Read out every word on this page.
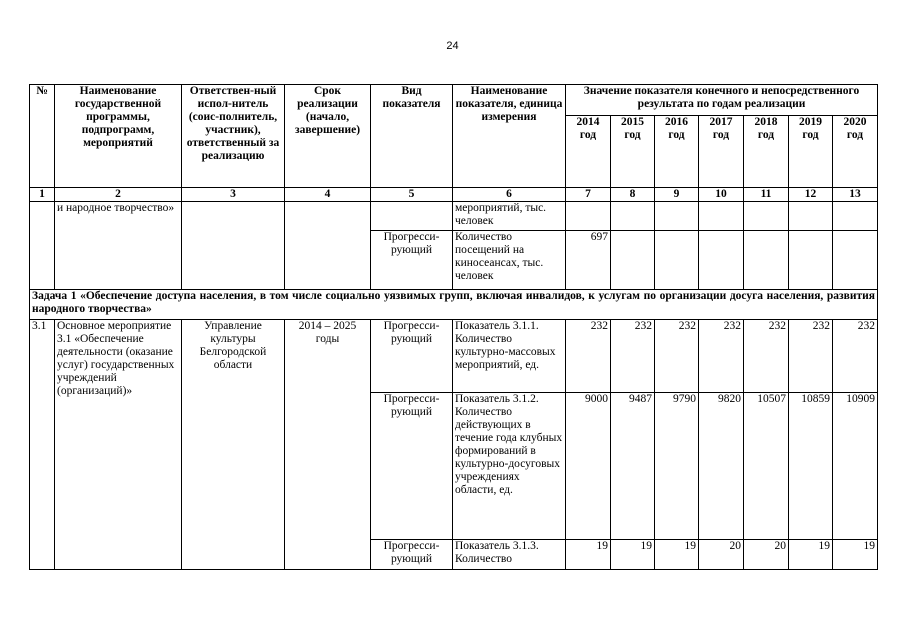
24
№	Наименование государственной программы, подпрограмм, мероприятий	Ответствен-ный испол-нитель (соис-полнитель, участник), ответственный за реализацию	Срок реализации (начало, завершение)	Вид показателя	Наименование показателя, единица измерения	Значение показателя конечного и непосредственного результата по годам реализации						
						2014 год	2015 год	2016 год	2017 год	2018 год	2019 год	2020 год
1	2	3	4	5	6	7	8	9	10	11	12	13
	и народное творчество»				мероприятий, тыс. человек							
				Прогресси-рующий	Количество посещений на киносеансах, тыс. человек	697						
Задача 1 «Обеспечение доступа населения, в том числе социально уязвимых групп, включая инвалидов, к услугам по организации досуга населения, развития народного творчества»												
3.1	Основное мероприятие 3.1 «Обеспечение деятельности (оказание услуг) государственных учреждений (организаций)»	Управление культуры Белгородской области	2014 – 2025 годы	Прогресси-рующий	Показатель 3.1.1. Количество культурно-массовых мероприятий, ед.	232	232	232	232	232	232	232
				Прогресси-рующий	Показатель 3.1.2. Количество действующих в течение года клубных формирований в культурно-досуговых учреждениях области, ед.	9000	9487	9790	9820	10507	10859	10909
				Прогресси-рующий	Показатель 3.1.3. Количество	19	19	19	20	20	19	19
